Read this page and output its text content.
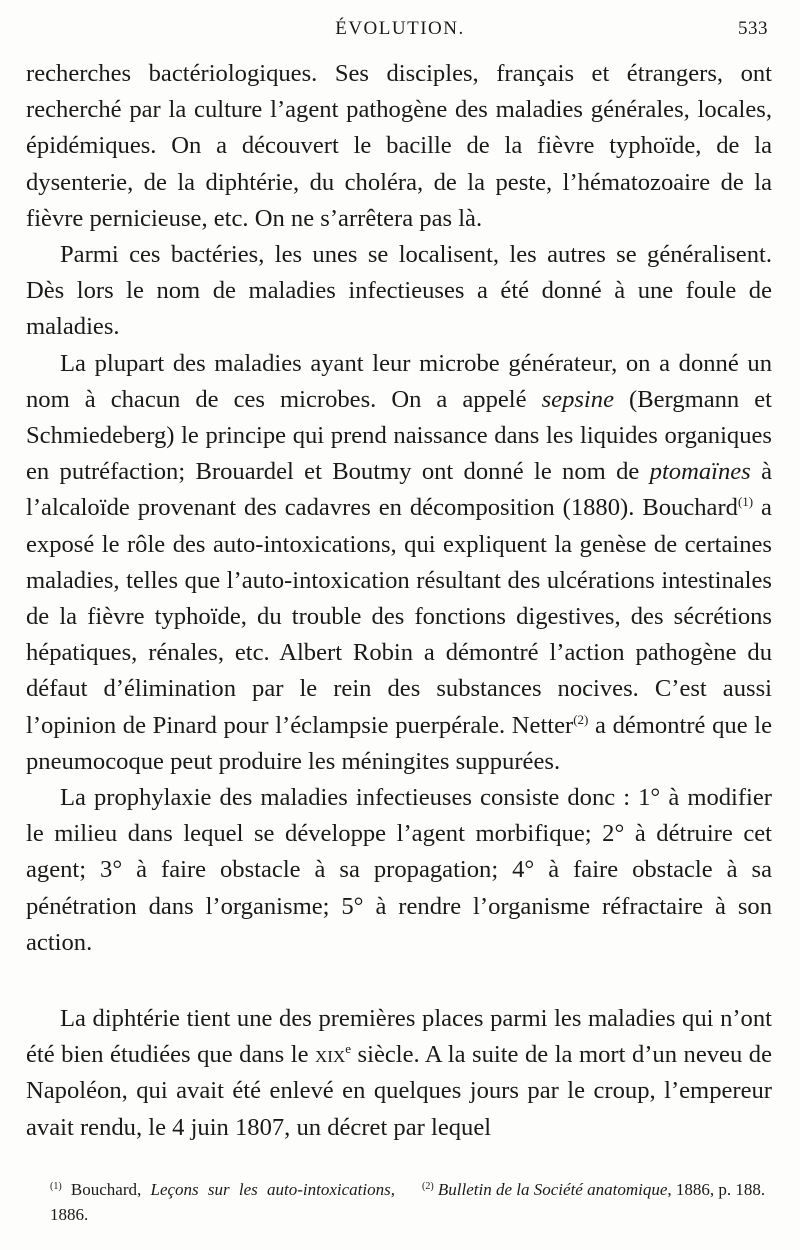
ÉVOLUTION.	533

recherches bactériologiques. Ses disciples, français et étrangers, ont recherché par la culture l’agent pathogène des maladies générales, locales, épidémiques. On a découvert le bacille de la fièvre typhoïde, de la dysenterie, de la diphtérie, du choléra, de la peste, l’hématozoaire de la fièvre pernicieuse, etc. On ne s’arrêtera pas là.

Parmi ces bactéries, les unes se localisent, les autres se généralisent. Dès lors le nom de maladies infectieuses a été donné à une foule de maladies.

La plupart des maladies ayant leur microbe générateur, on a donné un nom à chacun de ces microbes. On a appelé sepsine (Bergmann et Schmiedeberg) le principe qui prend naissance dans les liquides organiques en putréfaction; Brouardel et Boutmy ont donné le nom de ptomaïnes à l’alcaloïde provenant des cadavres en décomposition (1880). Bouchard$^{(1)}$ a exposé le rôle des auto-intoxications, qui expliquent la genèse de certaines maladies, telles que l’auto-intoxication résultant des ulcérations intestinales de la fièvre typhoïde, du trouble des fonctions digestives, des sécrétions hépatiques, rénales, etc. Albert Robin a démontré l’action pathogène du défaut d’élimination par le rein des substances nocives. C’est aussi l’opinion de Pinard pour l’éclampsie puerpérale. Netter$^{(2)}$ a démontré que le pneumocoque peut produire les méningites suppurées.

La prophylaxie des maladies infectieuses consiste donc : 1° à modifier le milieu dans lequel se développe l’agent morbifique; 2° à détruire cet agent; 3° à faire obstacle à sa propagation; 4° à faire obstacle à sa pénétration dans l’organisme; 5° à rendre l’organisme réfractaire à son action.

La diphtérie tient une des premières places parmi les maladies qui n’ont été bien étudiées que dans le xix$^e$ siècle. A la suite de la mort d’un neveu de Napoléon, qui avait été enlevé en quelques jours par le croup, l’empereur avait rendu, le 4 juin 1807, un décret par lequel

$^{(1)}$ Bouchard, Leçons sur les auto-intoxications, 1886.
$^{(2)}$ Bulletin de la Société anatomique, 1886, p. 188.
